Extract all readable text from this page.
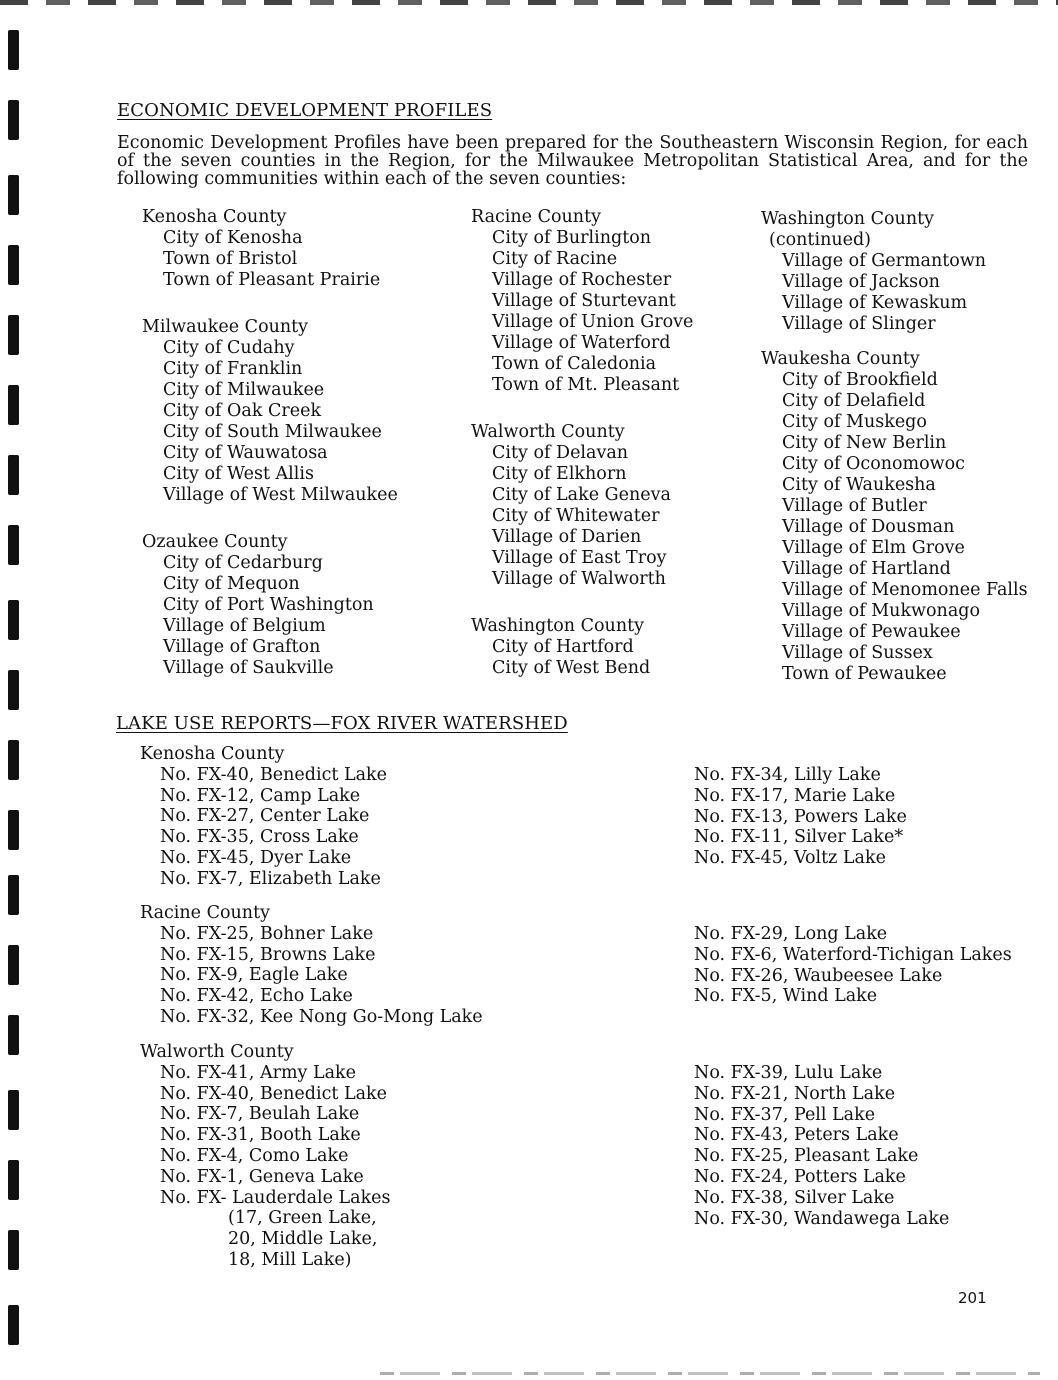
ECONOMIC DEVELOPMENT PROFILES
Economic Development Profiles have been prepared for the Southeastern Wisconsin Region, for each of the seven counties in the Region, for the Milwaukee Metropolitan Statistical Area, and for the following communities within each of the seven counties:
Kenosha County
City of Kenosha
Town of Bristol
Town of Pleasant Prairie
Milwaukee County
City of Cudahy
City of Franklin
City of Milwaukee
City of Oak Creek
City of South Milwaukee
City of Wauwatosa
City of West Allis
Village of West Milwaukee
Ozaukee County
City of Cedarburg
City of Mequon
City of Port Washington
Village of Belgium
Village of Grafton
Village of Saukville
Racine County
City of Burlington
City of Racine
Village of Rochester
Village of Sturtevant
Village of Union Grove
Village of Waterford
Town of Caledonia
Town of Mt. Pleasant
Walworth County
City of Delavan
City of Elkhorn
City of Lake Geneva
City of Whitewater
Village of Darien
Village of East Troy
Village of Walworth
Washington County
City of Hartford
City of West Bend
Washington County
(continued)
Village of Germantown
Village of Jackson
Village of Kewaskum
Village of Slinger
Waukesha County
City of Brookfield
City of Delafield
City of Muskego
City of New Berlin
City of Oconomowoc
City of Waukesha
Village of Butler
Village of Dousman
Village of Elm Grove
Village of Hartland
Village of Menomonee Falls
Village of Mukwonago
Village of Pewaukee
Village of Sussex
Town of Pewaukee
LAKE USE REPORTS—FOX RIVER WATERSHED
Kenosha County
No. FX-40, Benedict Lake
No. FX-12, Camp Lake
No. FX-27, Center Lake
No. FX-35, Cross Lake
No. FX-45, Dyer Lake
No. FX-7, Elizabeth Lake
Racine County
No. FX-25, Bohner Lake
No. FX-15, Browns Lake
No. FX-9, Eagle Lake
No. FX-42, Echo Lake
No. FX-32, Kee Nong Go-Mong Lake
Walworth County
No. FX-41, Army Lake
No. FX-40, Benedict Lake
No. FX-7, Beulah Lake
No. FX-31, Booth Lake
No. FX-4, Como Lake
No. FX-1, Geneva Lake
No. FX- Lauderdale Lakes
(17, Green Lake,
20, Middle Lake,
18, Mill Lake)
No. FX-34, Lilly Lake
No. FX-17, Marie Lake
No. FX-13, Powers Lake
No. FX-11, Silver Lake*
No. FX-45, Voltz Lake
No. FX-29, Long Lake
No. FX-6, Waterford-Tichigan Lakes
No. FX-26, Waubeesee Lake
No. FX-5, Wind Lake
No. FX-39, Lulu Lake
No. FX-21, North Lake
No. FX-37, Pell Lake
No. FX-43, Peters Lake
No. FX-25, Pleasant Lake
No. FX-24, Potters Lake
No. FX-38, Silver Lake
No. FX-30, Wandawega Lake
201
